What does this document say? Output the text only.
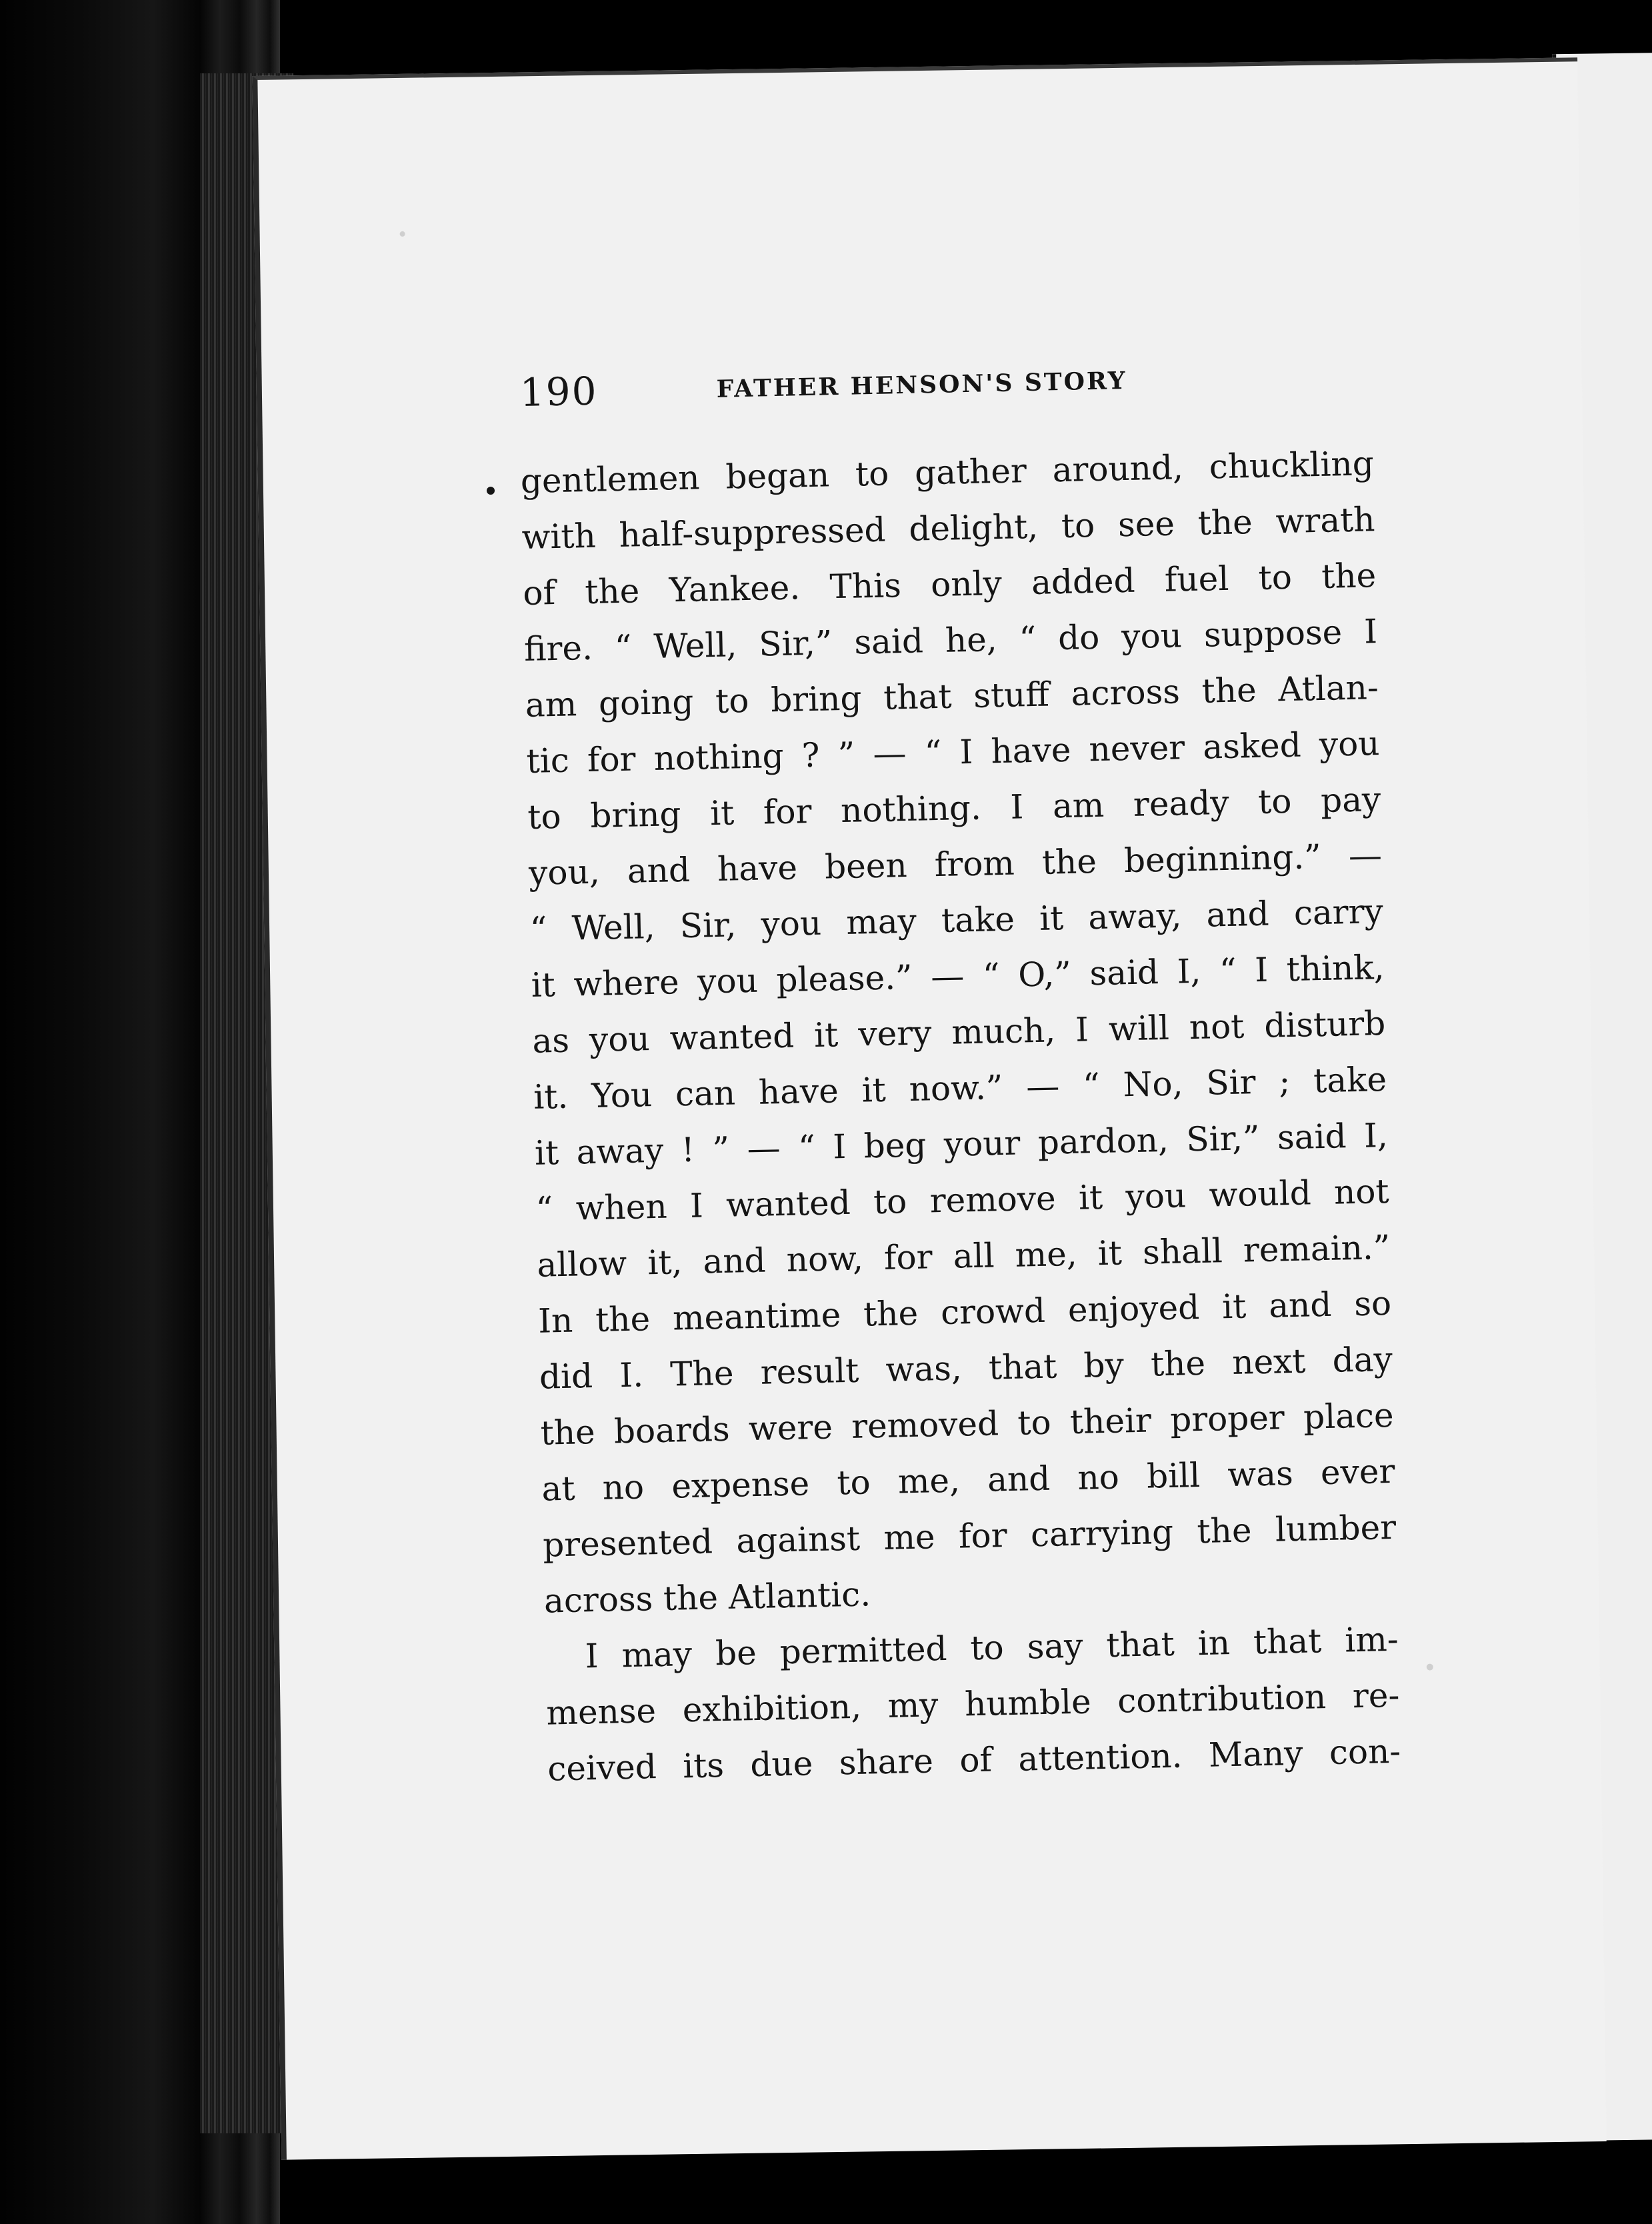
190	FATHER HENSON'S STORY
gentlemen began to gather around, chuckling
with half-suppressed delight, to see the wrath
of the Yankee. This only added fuel to the
fire. “ Well, Sir,” said he, “ do you suppose I
am going to bring that stuff across the Atlan-
tic for nothing ? ” — “ I have never asked you
to bring it for nothing. I am ready to pay
you, and have been from the beginning.” —
“ Well, Sir, you may take it away, and carry
it where you please.” — “ O,” said I, “ I think,
as you wanted it very much, I will not disturb
it. You can have it now.” — “ No, Sir ; take
it away ! ” — “ I beg your pardon, Sir,” said I,
“ when I wanted to remove it you would not
allow it, and now, for all me, it shall remain.”
In the meantime the crowd enjoyed it and so
did I. The result was, that by the next day
the boards were removed to their proper place
at no expense to me, and no bill was ever
presented against me for carrying the lumber
across the Atlantic.
I may be permitted to say that in that im-
mense exhibition, my humble contribution re-
ceived its due share of attention. Many con-
